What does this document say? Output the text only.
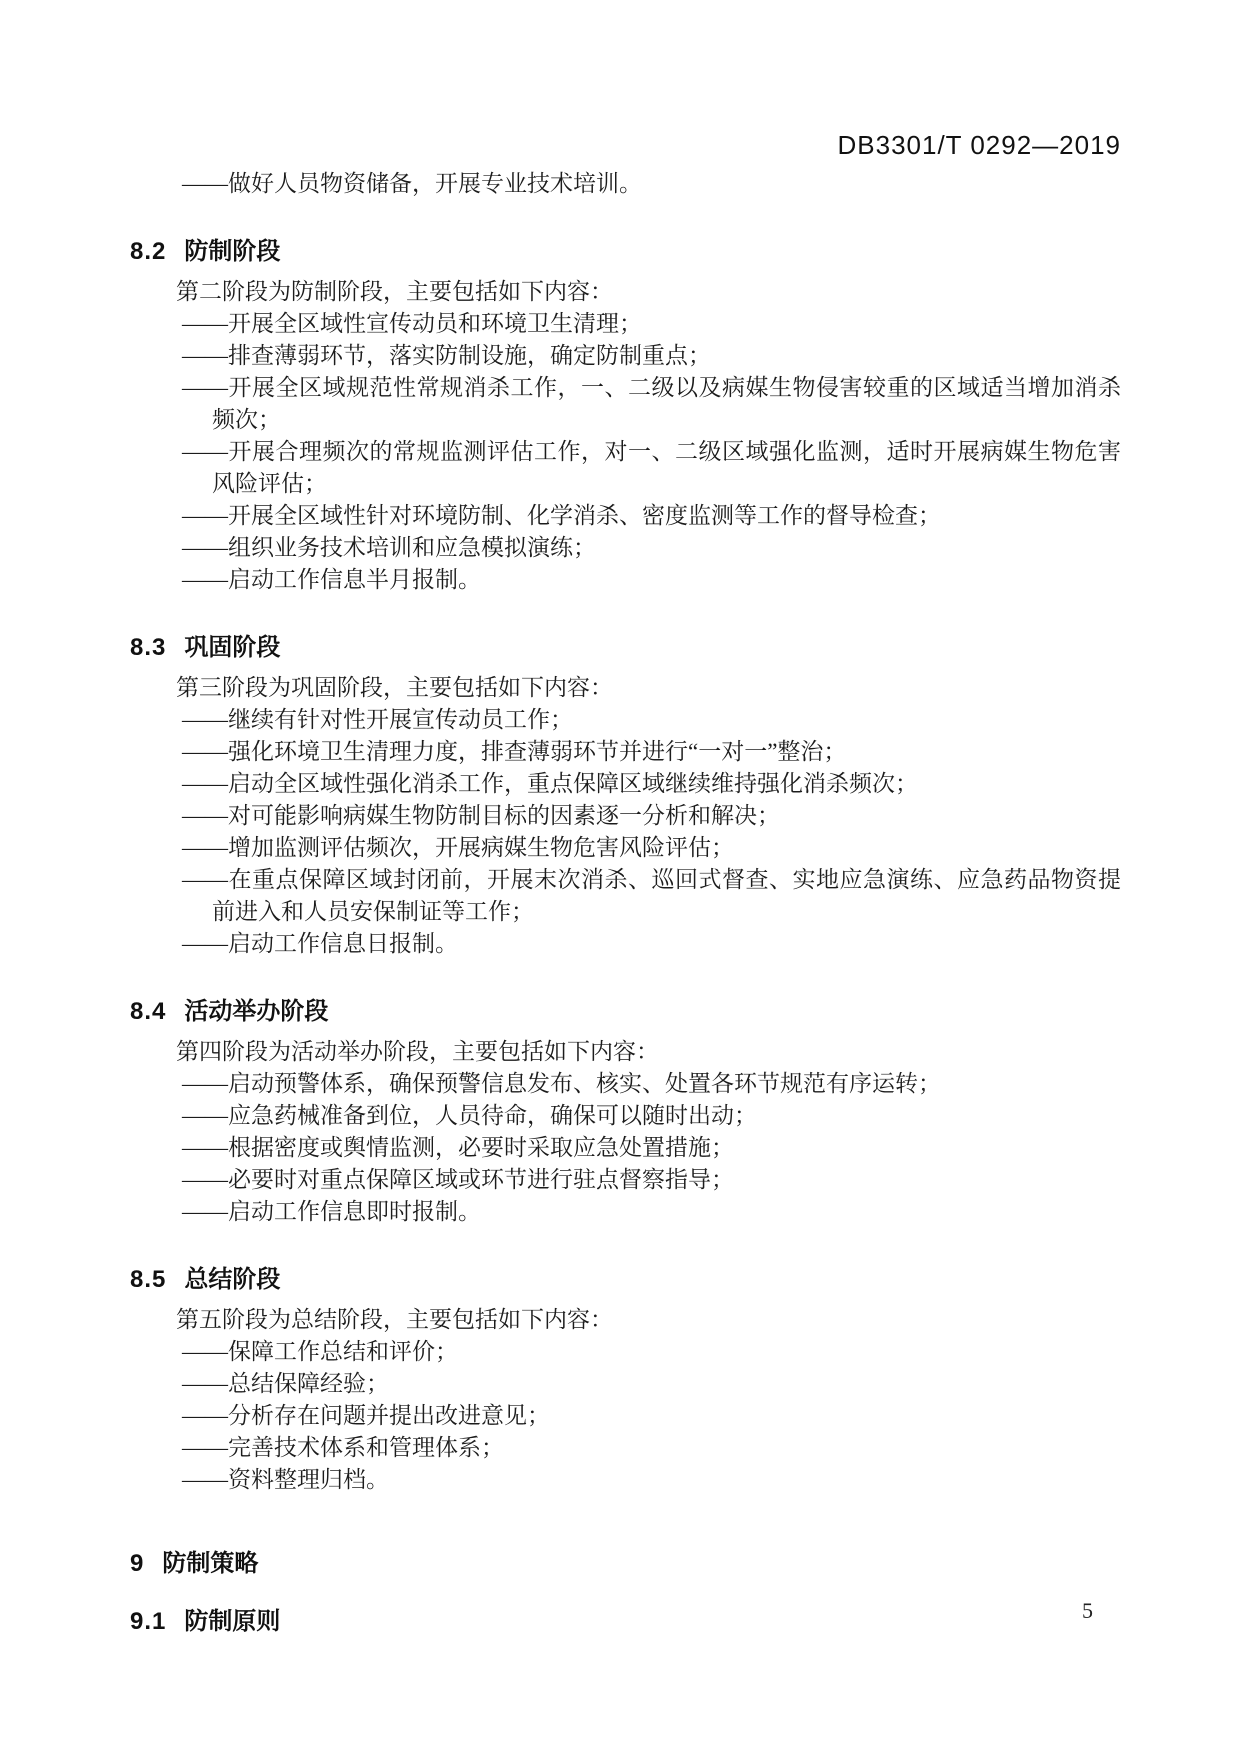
DB3301/T 0292—2019
——做好人员物资储备，开展专业技术培训。
8.2 防制阶段

第二阶段为防制阶段，主要包括如下内容：

——开展全区域性宣传动员和环境卫生清理；
——排查薄弱环节，落实防制设施，确定防制重点；
——开展全区域规范性常规消杀工作，一、二级以及病媒生物侵害较重的区域适当增加消杀频次；
——开展合理频次的常规监测评估工作，对一、二级区域强化监测，适时开展病媒生物危害风险评估；
——开展全区域性针对环境防制、化学消杀、密度监测等工作的督导检查；
——组织业务技术培训和应急模拟演练；
——启动工作信息半月报制。
8.3 巩固阶段

第三阶段为巩固阶段，主要包括如下内容：

——继续有针对性开展宣传动员工作；
——强化环境卫生清理力度，排查薄弱环节并进行“一对一”整治；
——启动全区域性强化消杀工作，重点保障区域继续维持强化消杀频次；
——对可能影响病媒生物防制目标的因素逐一分析和解决；
——增加监测评估频次，开展病媒生物危害风险评估；
——在重点保障区域封闭前，开展末次消杀、巡回式督查、实地应急演练、应急药品物资提前进入和人员安保制证等工作；
——启动工作信息日报制。
8.4 活动举办阶段

第四阶段为活动举办阶段，主要包括如下内容：

——启动预警体系，确保预警信息发布、核实、处置各环节规范有序运转；
——应急药械准备到位，人员待命，确保可以随时出动；
——根据密度或舆情监测，必要时采取应急处置措施；
——必要时对重点保障区域或环节进行驻点督察指导；
——启动工作信息即时报制。
8.5 总结阶段

第五阶段为总结阶段，主要包括如下内容：

——保障工作总结和评价；
——总结保障经验；
——分析存在问题并提出改进意见；
——完善技术体系和管理体系；
——资料整理归档。
9 防制策略
9.1 防制原则	5
